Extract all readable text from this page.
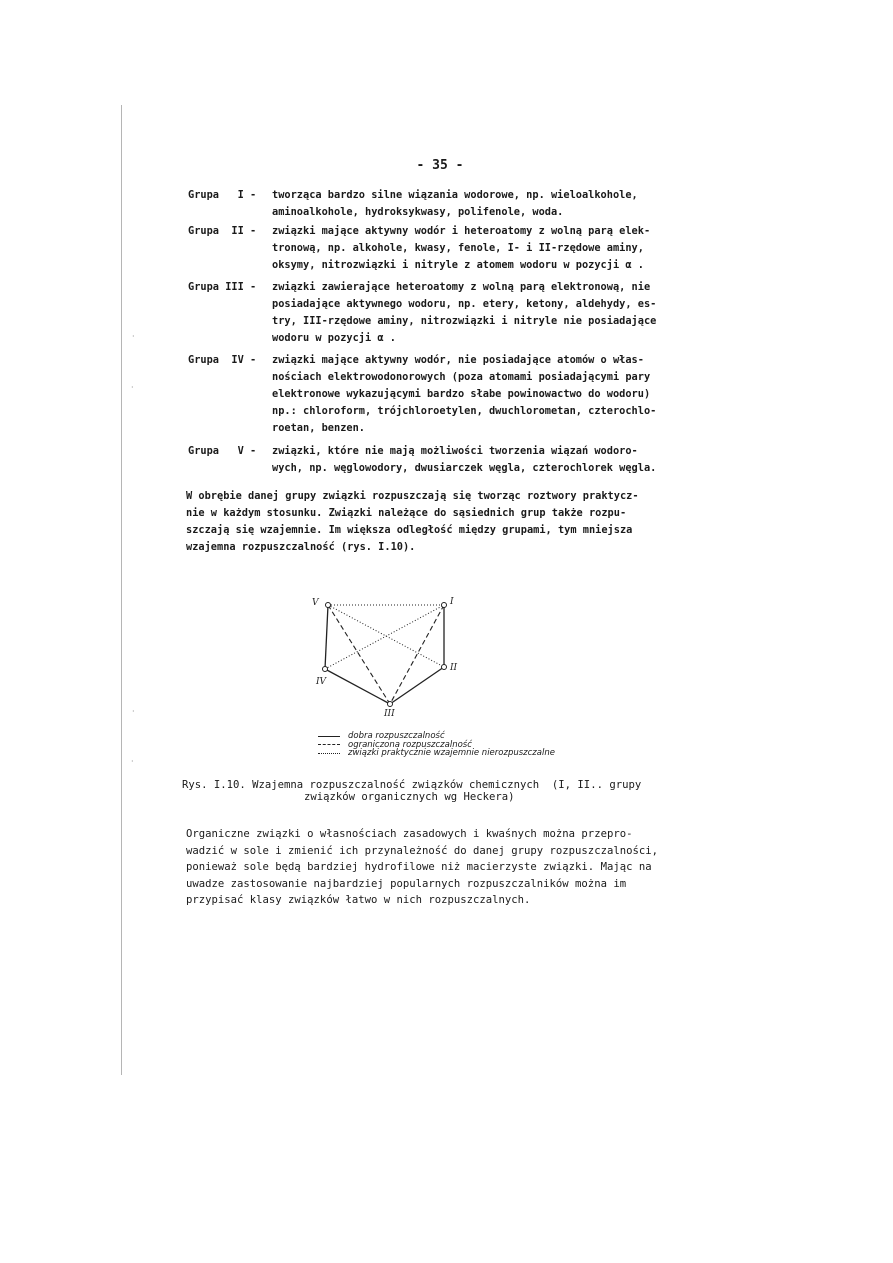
·
·
·
·
- 35 -
Grupa   I -	tworząca bardzo silne wiązania wodorowe, np. wieloalkohole,
aminoalkohole, hydroksykwasy, polifenole, woda.
Grupa  II -	związki mające aktywny wodór i heteroatomy z wolną parą elek-
tronową, np. alkohole, kwasy, fenole, I- i II-rzędowe aminy,
oksymy, nitrozwiązki i nitryle z atomem wodoru w pozycji α .
Grupa III -	związki zawierające heteroatomy z wolną parą elektronową, nie
posiadające aktywnego wodoru, np. etery, ketony, aldehydy, es-
try, III-rzędowe aminy, nitrozwiązki i nitryle nie posiadające
wodoru w pozycji α .
Grupa  IV -	związki mające aktywny wodór, nie posiadające atomów o włas-
nościach elektrowodonorowych (poza atomami posiadającymi pary
elektronowe wykazującymi bardzo słabe powinowactwo do wodoru)
np.: chloroform, trójchloroetylen, dwuchlorometan, czterochlo-
roetan, benzen.
Grupa   V -	związki, które nie mają możliwości tworzenia wiązań wodoro-
wych, np. węglowodory, dwusiarczek węgla, czterochlorek węgla.
W obrębie danej grupy związki rozpuszczają się tworząc roztwory praktycz-
nie w każdym stosunku. Związki należące do sąsiednich grup także rozpu-
szczają się wzajemnie. Im większa odległość między grupami, tym mniejsza
wzajemna rozpuszczalność (rys. I.10).
V	I
II
III
IV
dobra rozpuszczalność
ograniczona rozpuszczalność
związki praktycznie wzajemnie nierozpuszczalne
Rys. I.10. Wzajemna rozpuszczalność związków chemicznych  (I, II.. grupy
związków organicznych wg Heckera)
Organiczne związki o własnościach zasadowych i kwaśnych można przepro-
wadzić w sole i zmienić ich przynależność do danej grupy rozpuszczalności,
ponieważ sole będą bardziej hydrofilowe niż macierzyste związki. Mając na
uwadze zastosowanie najbardziej popularnych rozpuszczalników można im
przypisać klasy związków łatwo w nich rozpuszczalnych.
